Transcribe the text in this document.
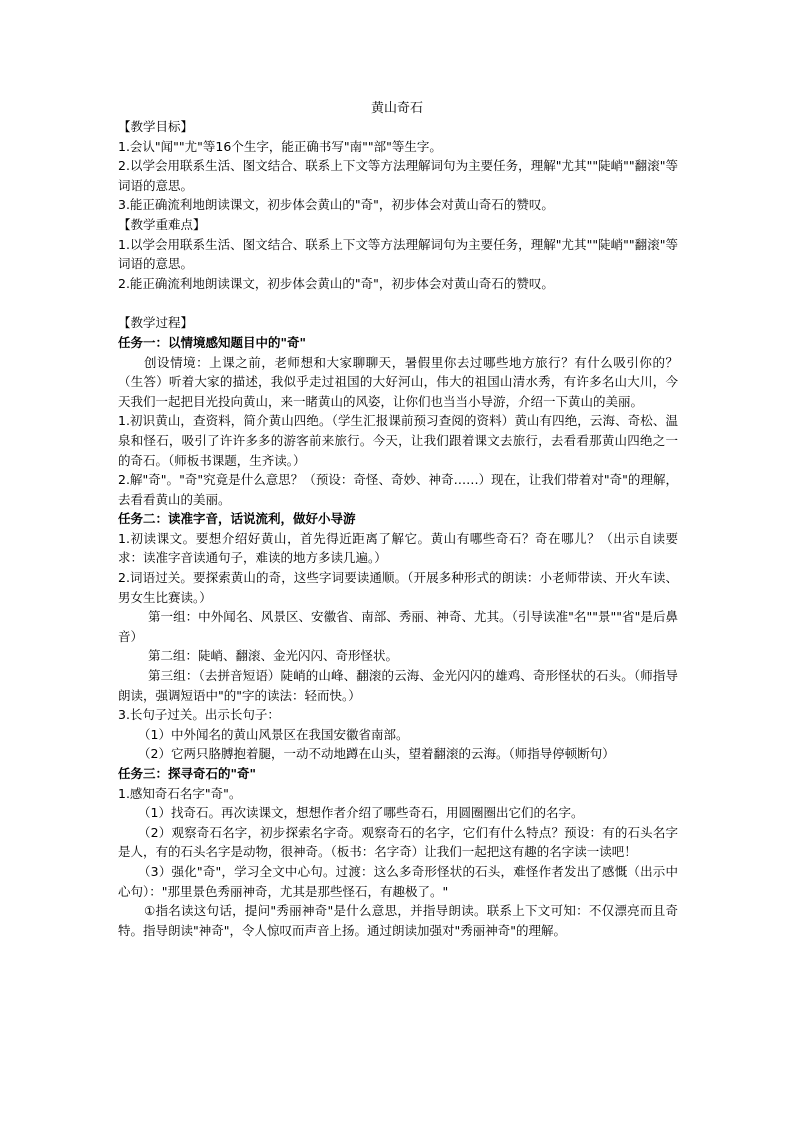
黄山奇石

【教学目标】

1.会认"闻""尤"等16个生字，能正确书写"南""部"等生字。

2.以学会用联系生活、图文结合、联系上下文等方法理解词句为主要任务，理解"尤其""陡峭""翻滚"等词语的意思。

3.能正确流利地朗读课文，初步体会黄山的"奇"，初步体会对黄山奇石的赞叹。

【教学重难点】

1.以学会用联系生活、图文结合、联系上下文等方法理解词句为主要任务，理解"尤其""陡峭""翻滚"等词语的意思。

2.能正确流利地朗读课文，初步体会黄山的"奇"，初步体会对黄山奇石的赞叹。

【教学过程】

任务一：以情境感知题目中的"奇"

创设情境：上课之前，老师想和大家聊聊天，暑假里你去过哪些地方旅行？有什么吸引你的？（生答）听着大家的描述，我似乎走过祖国的大好河山，伟大的祖国山清水秀，有许多名山大川，今天我们一起把目光投向黄山，来一睹黄山的风姿，让你们也当当小导游，介绍一下黄山的美丽。

1.初识黄山，查资料，简介黄山四绝。（学生汇报课前预习查阅的资料）黄山有四绝，云海、奇松、温泉和怪石，吸引了许许多多的游客前来旅行。今天，让我们跟着课文去旅行，去看看那黄山四绝之一的奇石。（师板书课题，生齐读。）

2.解"奇"。"奇"究竟是什么意思？（预设：奇怪、奇妙、神奇……）现在，让我们带着对"奇"的理解，去看看黄山的美丽。

任务二：读准字音，话说流利，做好小导游

1.初读课文。要想介绍好黄山，首先得近距离了解它。黄山有哪些奇石？奇在哪儿？（出示自读要求：读准字音读通句子，难读的地方多读几遍。）

2.词语过关。要探索黄山的奇，这些字词要读通顺。（开展多种形式的朗读：小老师带读、开火车读、男女生比赛读。）

第一组：中外闻名、风景区、安徽省、南部、秀丽、神奇、尤其。（引导读准"名""景""省"是后鼻音）

第二组：陡峭、翻滚、金光闪闪、奇形怪状。

第三组：（去拼音短语）陡峭的山峰、翻滚的云海、金光闪闪的雄鸡、奇形怪状的石头。（师指导朗读，强调短语中"的"字的读法：轻而快。）

3.长句子过关。出示长句子：

（1）中外闻名的黄山风景区在我国安徽省南部。

（2）它两只胳膊抱着腿，一动不动地蹲在山头，望着翻滚的云海。（师指导停顿断句）

任务三：探寻奇石的"奇"

1.感知奇石名字"奇"。

（1）找奇石。再次读课文，想想作者介绍了哪些奇石，用圆圈圈出它们的名字。

（2）观察奇石名字，初步探索名字奇。观察奇石的名字，它们有什么特点？预设：有的石头名字是人，有的石头名字是动物，很神奇。（板书：名字奇）让我们一起把这有趣的名字读一读吧！

（3）强化"奇"，学习全文中心句。过渡：这么多奇形怪状的石头，难怪作者发出了感慨（出示中心句）："那里景色秀丽神奇，尤其是那些怪石，有趣极了。"

①指名读这句话，提问"秀丽神奇"是什么意思，并指导朗读。联系上下文可知：不仅漂亮而且奇特。指导朗读"神奇"，令人惊叹而声音上扬。通过朗读加强对"秀丽神奇"的理解。
